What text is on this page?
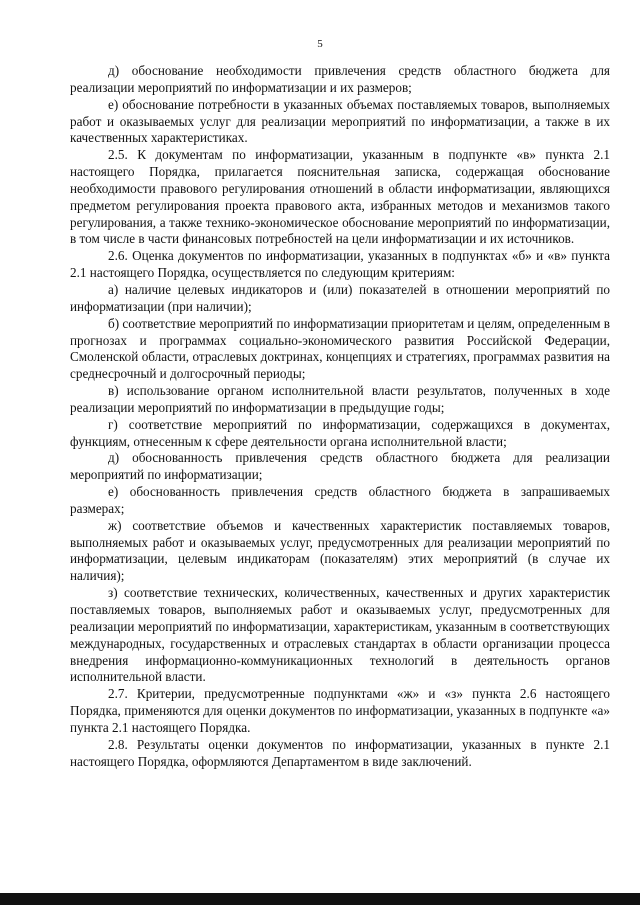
5

д) обоснование необходимости привлечения средств областного бюджета для реализации мероприятий по информатизации и их размеров;

е) обоснование потребности в указанных объемах поставляемых товаров, выполняемых работ и оказываемых услуг для реализации мероприятий по информатизации, а также в их качественных характеристиках.

2.5. К документам по информатизации, указанным в подпункте «в» пункта 2.1 настоящего Порядка, прилагается пояснительная записка, содержащая обоснование необходимости правового регулирования отношений в области информатизации, являющихся предметом регулирования проекта правового акта, избранных методов и механизмов такого регулирования, а также технико-экономическое обоснование мероприятий по информатизации, в том числе в части финансовых потребностей на цели информатизации и их источников.

2.6. Оценка документов по информатизации, указанных в подпунктах «б» и «в» пункта 2.1 настоящего Порядка, осуществляется по следующим критериям:

а) наличие целевых индикаторов и (или) показателей в отношении мероприятий по информатизации (при наличии);

б) соответствие мероприятий по информатизации приоритетам и целям, определенным в прогнозах и программах социально-экономического развития Российской Федерации, Смоленской области, отраслевых доктринах, концепциях и стратегиях, программах развития на среднесрочный и долгосрочный периоды;

в) использование органом исполнительной власти результатов, полученных в ходе реализации мероприятий по информатизации в предыдущие годы;

г) соответствие мероприятий по информатизации, содержащихся в документах, функциям, отнесенным к сфере деятельности органа исполнительной власти;

д) обоснованность привлечения средств областного бюджета для реализации мероприятий по информатизации;

е) обоснованность привлечения средств областного бюджета в запрашиваемых размерах;

ж) соответствие объемов и качественных характеристик поставляемых товаров, выполняемых работ и оказываемых услуг, предусмотренных для реализации мероприятий по информатизации, целевым индикаторам (показателям) этих мероприятий (в случае их наличия);

з) соответствие технических, количественных, качественных и других характеристик поставляемых товаров, выполняемых работ и оказываемых услуг, предусмотренных для реализации мероприятий по информатизации, характеристикам, указанным в соответствующих международных, государственных и отраслевых стандартах в области организации процесса внедрения информационно-коммуникационных технологий в деятельность органов исполнительной власти.

2.7. Критерии, предусмотренные подпунктами «ж» и «з» пункта 2.6 настоящего Порядка, применяются для оценки документов по информатизации, указанных в подпункте «а» пункта 2.1 настоящего Порядка.

2.8. Результаты оценки документов по информатизации, указанных в пункте 2.1 настоящего Порядка, оформляются Департаментом в виде заключений.
